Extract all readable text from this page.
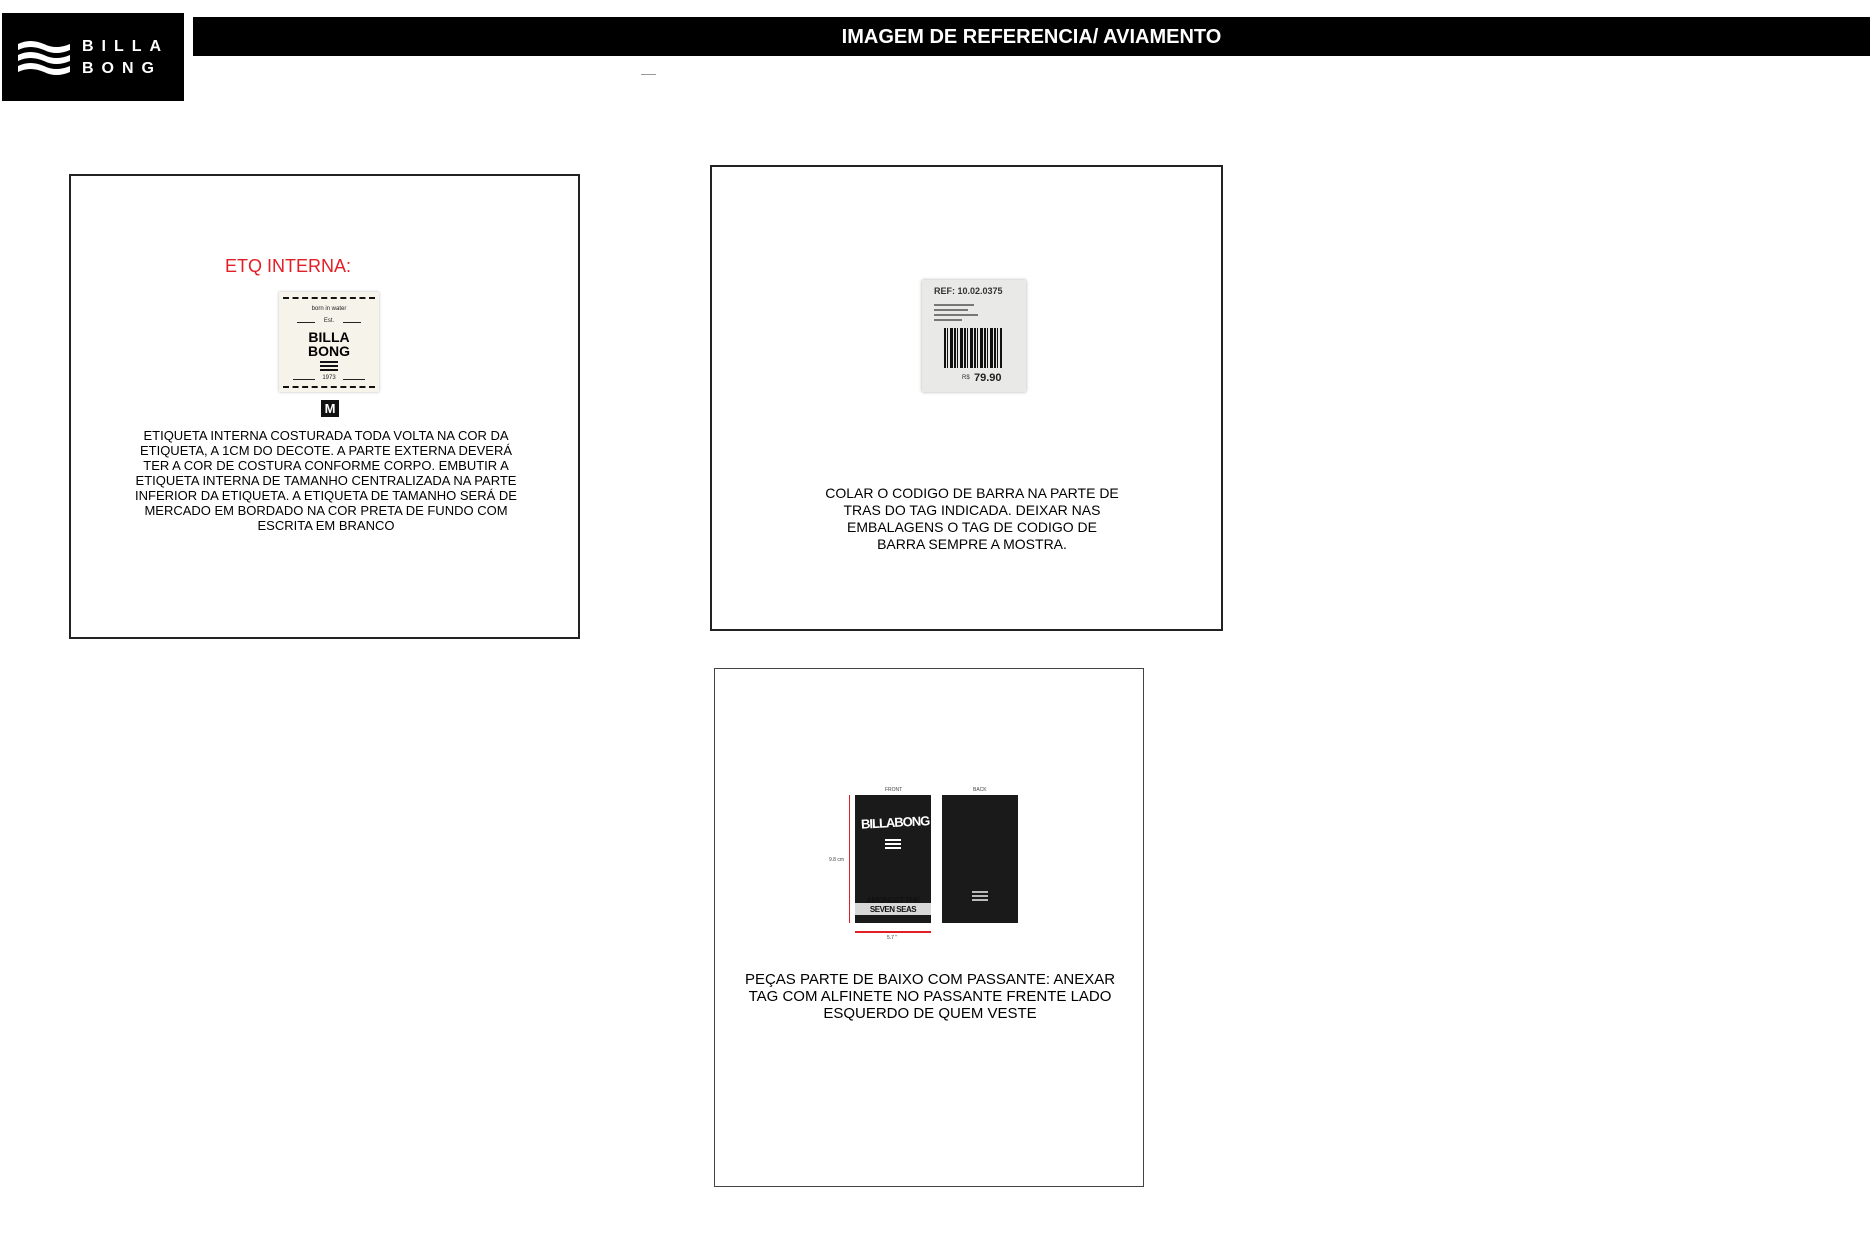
BILLA
BONG
IMAGEM DE REFERENCIA/ AVIAMENTO
ETQ INTERNA:
born in water
Est.
BILLA
BONG
1973
M
ETIQUETA INTERNA COSTURADA TODA VOLTA NA COR DA ETIQUETA, A 1CM DO DECOTE. A PARTE EXTERNA DEVERÁ TER A COR DE COSTURA CONFORME CORPO. EMBUTIR A ETIQUETA INTERNA DE TAMANHO CENTRALIZADA NA PARTE INFERIOR DA ETIQUETA. A ETIQUETA DE TAMANHO SERÁ DE MERCADO EM BORDADO NA COR PRETA DE FUNDO COM ESCRITA EM BRANCO
REF: 10.02.0375
R$ 79.90
COLAR O CODIGO DE BARRA NA PARTE DE TRAS DO TAG INDICADA. DEIXAR NAS EMBALAGENS O TAG DE CODIGO DE BARRA SEMPRE A MOSTRA.
FRONT	BACK
9.8 cm
BILLABONG
AMONGST THE SEVEN SEAS
5.7 "
PEÇAS PARTE DE BAIXO COM PASSANTE: ANEXAR TAG COM ALFINETE NO PASSANTE FRENTE LADO ESQUERDO DE QUEM VESTE
